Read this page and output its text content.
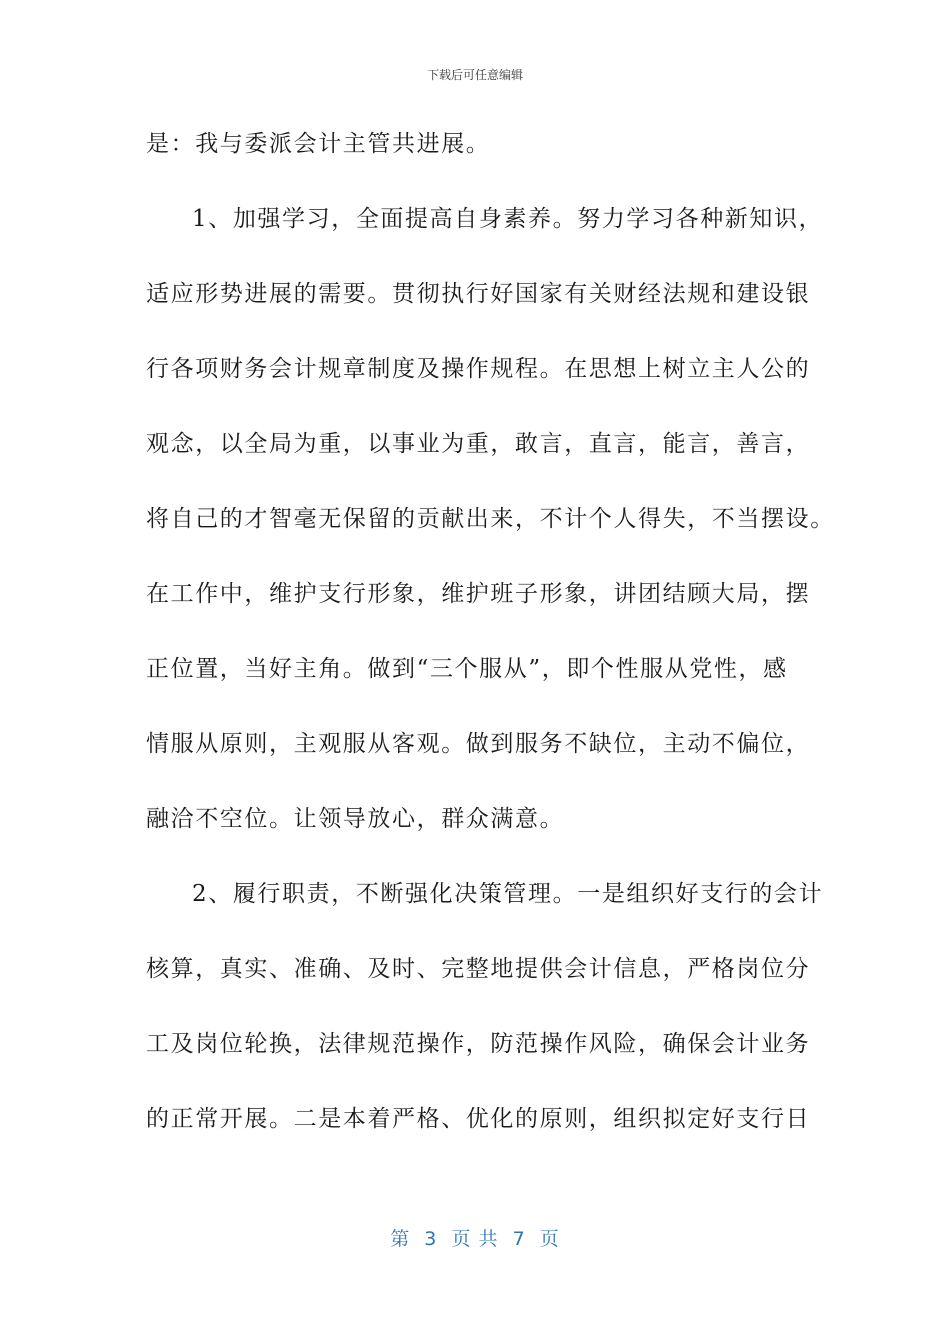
下载后可任意编辑
是：我与委派会计主管共进展。
1、加强学习，全面提高自身素养。努力学习各种新知识，
适应形势进展的需要。贯彻执行好国家有关财经法规和建设银
行各项财务会计规章制度及操作规程。在思想上树立主人公的
观念，以全局为重，以事业为重，敢言，直言，能言，善言，
将自己的才智毫无保留的贡献出来，不计个人得失，不当摆设。
在工作中，维护支行形象，维护班子形象，讲团结顾大局，摆
正位置，当好主角。做到“三个服从”，即个性服从党性，感
情服从原则，主观服从客观。做到服务不缺位，主动不偏位，
融洽不空位。让领导放心，群众满意。
2、履行职责，不断强化决策管理。一是组织好支行的会计
核算，真实、准确、及时、完整地提供会计信息，严格岗位分
工及岗位轮换，法律规范操作，防范操作风险，确保会计业务
的正常开展。二是本着严格、优化的原则，组织拟定好支行日
第  3  页 共  7  页
